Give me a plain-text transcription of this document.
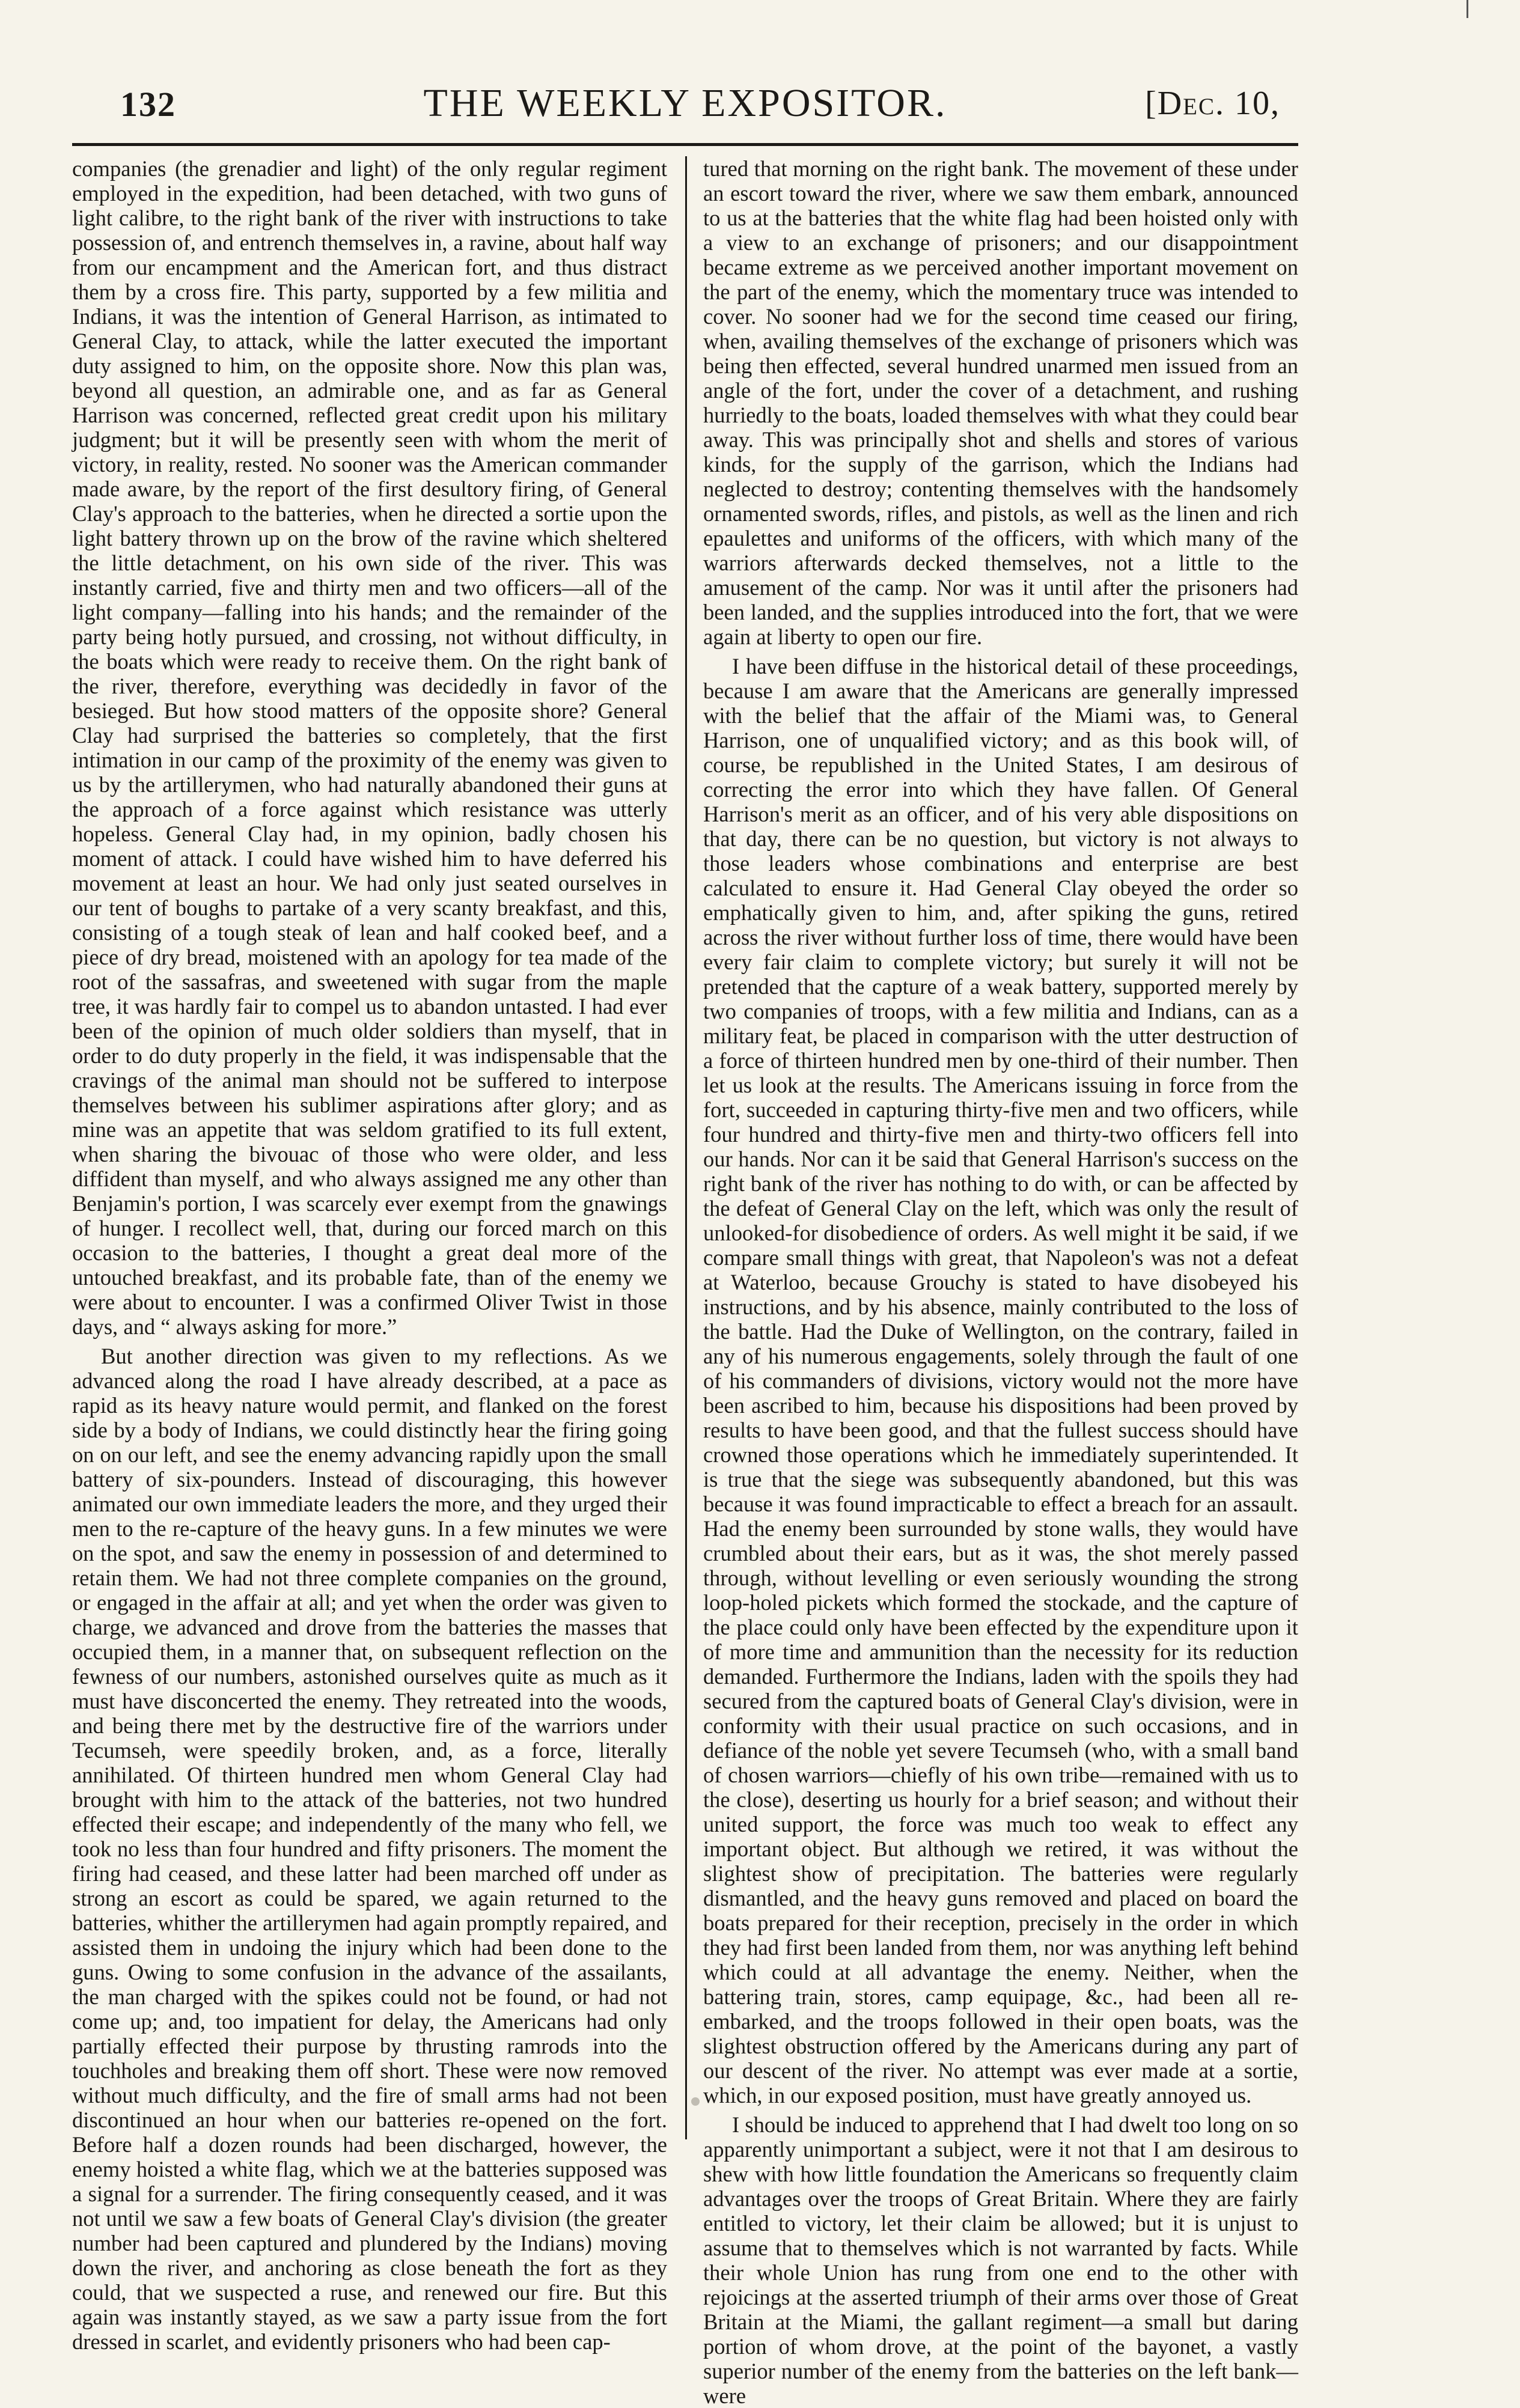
132	THE WEEKLY EXPOSITOR.	[Dec. 10,

companies (the grenadier and light) of the only regular regiment employed in the expedition, had been detached, with two guns of light calibre, to the right bank of the river with instructions to take possession of, and entrench themselves in, a ravine, about half way from our encampment and the American fort, and thus distract them by a cross fire. This party, supported by a few militia and Indians, it was the intention of General Harrison, as intimated to General Clay, to attack, while the latter executed the important duty assigned to him, on the opposite shore. Now this plan was, beyond all question, an admirable one, and as far as General Harrison was concerned, reflected great credit upon his military judgment; but it will be presently seen with whom the merit of victory, in reality, rested. No sooner was the American commander made aware, by the report of the first desultory firing, of General Clay's approach to the batteries, when he directed a sortie upon the light battery thrown up on the brow of the ravine which sheltered the little detachment, on his own side of the river. This was instantly carried, five and thirty men and two officers—all of the light company—falling into his hands; and the remainder of the party being hotly pursued, and crossing, not without difficulty, in the boats which were ready to receive them. On the right bank of the river, therefore, everything was decidedly in favor of the besieged. But how stood matters of the opposite shore? General Clay had surprised the batteries so completely, that the first intimation in our camp of the proximity of the enemy was given to us by the artillerymen, who had naturally abandoned their guns at the approach of a force against which resistance was utterly hopeless. General Clay had, in my opinion, badly chosen his moment of attack. I could have wished him to have deferred his movement at least an hour. We had only just seated ourselves in our tent of boughs to partake of a very scanty breakfast, and this, consisting of a tough steak of lean and half cooked beef, and a piece of dry bread, moistened with an apology for tea made of the root of the sassafras, and sweetened with sugar from the maple tree, it was hardly fair to compel us to abandon untasted. I had ever been of the opinion of much older soldiers than myself, that in order to do duty properly in the field, it was indispensable that the cravings of the animal man should not be suffered to interpose themselves between his sublimer aspirations after glory; and as mine was an appetite that was seldom gratified to its full extent, when sharing the bivouac of those who were older, and less diffident than myself, and who always assigned me any other than Benjamin's portion, I was scarcely ever exempt from the gnawings of hunger. I recollect well, that, during our forced march on this occasion to the batteries, I thought a great deal more of the untouched breakfast, and its probable fate, than of the enemy we were about to encounter. I was a confirmed Oliver Twist in those days, and “ always asking for more.”

But another direction was given to my reflections. As we advanced along the road I have already described, at a pace as rapid as its heavy nature would permit, and flanked on the forest side by a body of Indians, we could distinctly hear the firing going on on our left, and see the enemy advancing rapidly upon the small battery of six-pounders. Instead of discouraging, this however animated our own immediate leaders the more, and they urged their men to the re-capture of the heavy guns. In a few minutes we were on the spot, and saw the enemy in possession of and determined to retain them. We had not three complete companies on the ground, or engaged in the affair at all; and yet when the order was given to charge, we advanced and drove from the batteries the masses that occupied them, in a manner that, on subsequent reflection on the fewness of our numbers, astonished ourselves quite as much as it must have disconcerted the enemy. They retreated into the woods, and being there met by the destructive fire of the warriors under Tecumseh, were speedily broken, and, as a force, literally annihilated. Of thirteen hundred men whom General Clay had brought with him to the attack of the batteries, not two hundred effected their escape; and independently of the many who fell, we took no less than four hundred and fifty prisoners. The moment the firing had ceased, and these latter had been marched off under as strong an escort as could be spared, we again returned to the batteries, whither the artillerymen had again promptly repaired, and assisted them in undoing the injury which had been done to the guns. Owing to some confusion in the advance of the assailants, the man charged with the spikes could not be found, or had not come up; and, too impatient for delay, the Americans had only partially effected their purpose by thrusting ramrods into the touchholes and breaking them off short. These were now removed without much difficulty, and the fire of small arms had not been discontinued an hour when our batteries re-opened on the fort. Before half a dozen rounds had been discharged, however, the enemy hoisted a white flag, which we at the batteries supposed was a signal for a surrender. The firing consequently ceased, and it was not until we saw a few boats of General Clay's division (the greater number had been captured and plundered by the Indians) moving down the river, and anchoring as close beneath the fort as they could, that we suspected a ruse, and renewed our fire. But this again was instantly stayed, as we saw a party issue from the fort dressed in scarlet, and evidently prisoners who had been cap-

tured that morning on the right bank. The movement of these under an escort toward the river, where we saw them embark, announced to us at the batteries that the white flag had been hoisted only with a view to an exchange of prisoners; and our disappointment became extreme as we perceived another important movement on the part of the enemy, which the momentary truce was intended to cover. No sooner had we for the second time ceased our firing, when, availing themselves of the exchange of prisoners which was being then effected, several hundred unarmed men issued from an angle of the fort, under the cover of a detachment, and rushing hurriedly to the boats, loaded themselves with what they could bear away. This was principally shot and shells and stores of various kinds, for the supply of the garrison, which the Indians had neglected to destroy; contenting themselves with the handsomely ornamented swords, rifles, and pistols, as well as the linen and rich epaulettes and uniforms of the officers, with which many of the warriors afterwards decked themselves, not a little to the amusement of the camp. Nor was it until after the prisoners had been landed, and the supplies introduced into the fort, that we were again at liberty to open our fire.

I have been diffuse in the historical detail of these proceedings, because I am aware that the Americans are generally impressed with the belief that the affair of the Miami was, to General Harrison, one of unqualified victory; and as this book will, of course, be republished in the United States, I am desirous of correcting the error into which they have fallen. Of General Harrison's merit as an officer, and of his very able dispositions on that day, there can be no question, but victory is not always to those leaders whose combinations and enterprise are best calculated to ensure it. Had General Clay obeyed the order so emphatically given to him, and, after spiking the guns, retired across the river without further loss of time, there would have been every fair claim to complete victory; but surely it will not be pretended that the capture of a weak battery, supported merely by two companies of troops, with a few militia and Indians, can as a military feat, be placed in comparison with the utter destruction of a force of thirteen hundred men by one-third of their number. Then let us look at the results. The Americans issuing in force from the fort, succeeded in capturing thirty-five men and two officers, while four hundred and thirty-five men and thirty-two officers fell into our hands. Nor can it be said that General Harrison's success on the right bank of the river has nothing to do with, or can be affected by the defeat of General Clay on the left, which was only the result of unlooked-for disobedience of orders. As well might it be said, if we compare small things with great, that Napoleon's was not a defeat at Waterloo, because Grouchy is stated to have disobeyed his instructions, and by his absence, mainly contributed to the loss of the battle. Had the Duke of Wellington, on the contrary, failed in any of his numerous engagements, solely through the fault of one of his commanders of divisions, victory would not the more have been ascribed to him, because his dispositions had been proved by results to have been good, and that the fullest success should have crowned those operations which he immediately superintended. It is true that the siege was subsequently abandoned, but this was because it was found impracticable to effect a breach for an assault. Had the enemy been surrounded by stone walls, they would have crumbled about their ears, but as it was, the shot merely passed through, without levelling or even seriously wounding the strong loop-holed pickets which formed the stockade, and the capture of the place could only have been effected by the expenditure upon it of more time and ammunition than the necessity for its reduction demanded. Furthermore the Indians, laden with the spoils they had secured from the captured boats of General Clay's division, were in conformity with their usual practice on such occasions, and in defiance of the noble yet severe Tecumseh (who, with a small band of chosen warriors—chiefly of his own tribe—remained with us to the close), deserting us hourly for a brief season; and without their united support, the force was much too weak to effect any important object. But although we retired, it was without the slightest show of precipitation. The batteries were regularly dismantled, and the heavy guns removed and placed on board the boats prepared for their reception, precisely in the order in which they had first been landed from them, nor was anything left behind which could at all advantage the enemy. Neither, when the battering train, stores, camp equipage, &c., had been all re-embarked, and the troops followed in their open boats, was the slightest obstruction offered by the Americans during any part of our descent of the river. No attempt was ever made at a sortie, which, in our exposed position, must have greatly annoyed us.

I should be induced to apprehend that I had dwelt too long on so apparently unimportant a subject, were it not that I am desirous to shew with how little foundation the Americans so frequently claim advantages over the troops of Great Britain. Where they are fairly entitled to victory, let their claim be allowed; but it is unjust to assume that to themselves which is not warranted by facts. While their whole Union has rung from one end to the other with rejoicings at the asserted triumph of their arms over those of Great Britain at the Miami, the gallant regiment—a small but daring portion of whom drove, at the point of the bayonet, a vastly superior number of the enemy from the batteries on the left bank—were
